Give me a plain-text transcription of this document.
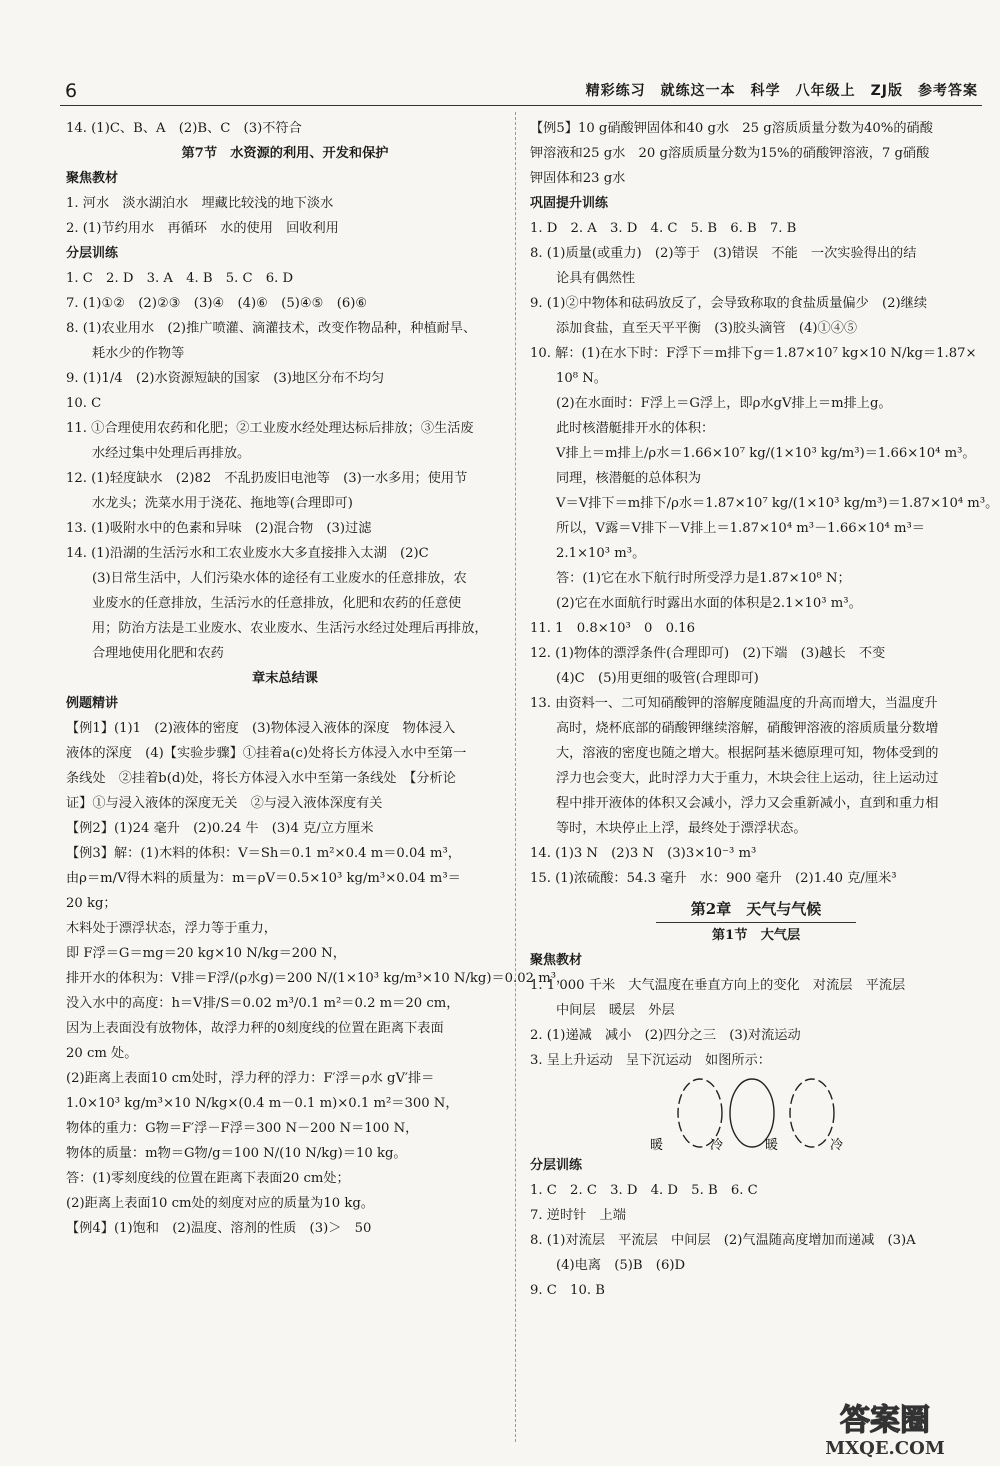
6	精彩练习　就练这一本　科学　八年级上　ZJ版　参考答案
14. (1)C、B、A　(2)B、C　(3)不符合
第7节　水资源的利用、开发和保护
聚焦教材
1. 河水　淡水湖泊水　埋藏比较浅的地下淡水
2. (1)节约用水　再循环　水的使用　回收利用
分层训练
1. C　2. D　3. A　4. B　5. C　6. D
7. (1)①②　(2)②③　(3)④　(4)⑥　(5)④⑤　(6)⑥
8. (1)农业用水　(2)推广喷灌、滴灌技术，改变作物品种，种植耐旱、
耗水少的作物等
9. (1)1/4　(2)水资源短缺的国家　(3)地区分布不均匀
10. C
11. ①合理使用农药和化肥；②工业废水经处理达标后排放；③生活废
水经过集中处理后再排放。
12. (1)轻度缺水　(2)82　不乱扔废旧电池等　(3)一水多用；使用节
水龙头；洗菜水用于浇花、拖地等(合理即可)
13. (1)吸附水中的色素和异味　(2)混合物　(3)过滤
14. (1)沿湖的生活污水和工农业废水大多直接排入太湖　(2)C
(3)日常生活中，人们污染水体的途径有工业废水的任意排放，农
业废水的任意排放，生活污水的任意排放，化肥和农药的任意使
用；防治方法是工业废水、农业废水、生活污水经过处理后再排放，
合理地使用化肥和农药
章末总结课
例题精讲
【例1】(1)1　(2)液体的密度　(3)物体浸入液体的深度　物体浸入
液体的深度　(4)【实验步骤】①挂着a(c)处将长方体浸入水中至第一
条线处　②挂着b(d)处，将长方体浸入水中至第一条线处　【分析论
证】①与浸入液体的深度无关　②与浸入液体深度有关
【例2】(1)24 毫升　(2)0.24 牛　(3)4 克/立方厘米
【例3】解：(1)木料的体积：V＝Sh＝0.1 m²×0.4 m＝0.04 m³，
由ρ＝m/V得木料的质量为：m＝ρV＝0.5×10³ kg/m³×0.04 m³＝
20 kg；
木料处于漂浮状态，浮力等于重力，
即 F浮＝G＝mg＝20 kg×10 N/kg＝200 N，
排开水的体积为：V排＝F浮/(ρ水g)＝200 N/(1×10³ kg/m³×10 N/kg)＝0.02 m³，
没入水中的高度：h＝V排/S＝0.02 m³/0.1 m²＝0.2 m＝20 cm，
因为上表面没有放物体，故浮力秤的0刻度线的位置在距离下表面
20 cm 处。
(2)距离上表面10 cm处时，浮力秤的浮力：F′浮＝ρ水 gV′排＝
1.0×10³ kg/m³×10 N/kg×(0.4 m－0.1 m)×0.1 m²＝300 N，
物体的重力：G物＝F′浮－F浮＝300 N－200 N＝100 N，
物体的质量：m物＝G物/g＝100 N/(10 N/kg)＝10 kg。
答：(1)零刻度线的位置在距离下表面20 cm处；
(2)距离上表面10 cm处的刻度对应的质量为10 kg。
【例4】(1)饱和　(2)温度、溶剂的性质　(3)＞　50
【例5】10 g硝酸钾固体和40 g水　25 g溶质质量分数为40%的硝酸
钾溶液和25 g水　20 g溶质质量分数为15%的硝酸钾溶液，7 g硝酸
钾固体和23 g水
巩固提升训练
1. D　2. A　3. D　4. C　5. B　6. B　7. B
8. (1)质量(或重力)　(2)等于　(3)错误　不能　一次实验得出的结
论具有偶然性
9. (1)②中物体和砝码放反了，会导致称取的食盐质量偏少　(2)继续
添加食盐，直至天平平衡　(3)胶头滴管　(4)①④⑤
10. 解：(1)在水下时：F浮下＝m排下g＝1.87×10⁷ kg×10 N/kg＝1.87×
10⁸ N。
(2)在水面时：F浮上＝G浮上，即ρ水gV排上＝m排上g。
此时核潜艇排开水的体积：
V排上＝m排上/ρ水＝1.66×10⁷ kg/(1×10³ kg/m³)＝1.66×10⁴ m³。
同理，核潜艇的总体积为
V＝V排下＝m排下/ρ水＝1.87×10⁷ kg/(1×10³ kg/m³)＝1.87×10⁴ m³。
所以，V露＝V排下－V排上＝1.87×10⁴ m³－1.66×10⁴ m³＝
2.1×10³ m³。
答：(1)它在水下航行时所受浮力是1.87×10⁸ N；
(2)它在水面航行时露出水面的体积是2.1×10³ m³。
11. 1　0.8×10³　0　0.16
12. (1)物体的漂浮条件(合理即可)　(2)下端　(3)越长　不变
(4)C　(5)用更细的吸管(合理即可)
13. 由资料一、二可知硝酸钾的溶解度随温度的升高而增大，当温度升
高时，烧杯底部的硝酸钾继续溶解，硝酸钾溶液的溶质质量分数增
大，溶液的密度也随之增大。根据阿基米德原理可知，物体受到的
浮力也会变大，此时浮力大于重力，木块会往上运动，往上运动过
程中排开液体的体积又会减小，浮力又会重新减小，直到和重力相
等时，木块停止上浮，最终处于漂浮状态。
14. (1)3 N　(2)3 N　(3)3×10⁻³ m³
15. (1)浓硫酸：54.3 毫升　水：900 毫升　(2)1.40 克/厘米³
第2章　天气与气候
第1节　大气层
聚焦教材
1. 1 000 千米　大气温度在垂直方向上的变化　对流层　平流层
中间层　暖层　外层
2. (1)递减　减小　(2)四分之三　(3)对流运动
3. 呈上升运动　呈下沉运动　如图所示：
暖	冷	暖	冷
分层训练
1. C　2. C　3. D　4. D　5. B　6. C
7. 逆时针　上端
8. (1)对流层　平流层　中间层　(2)气温随高度增加而递减　(3)A
(4)电离　(5)B　(6)D
9. C　10. B
答案圈
MXQE.COM
